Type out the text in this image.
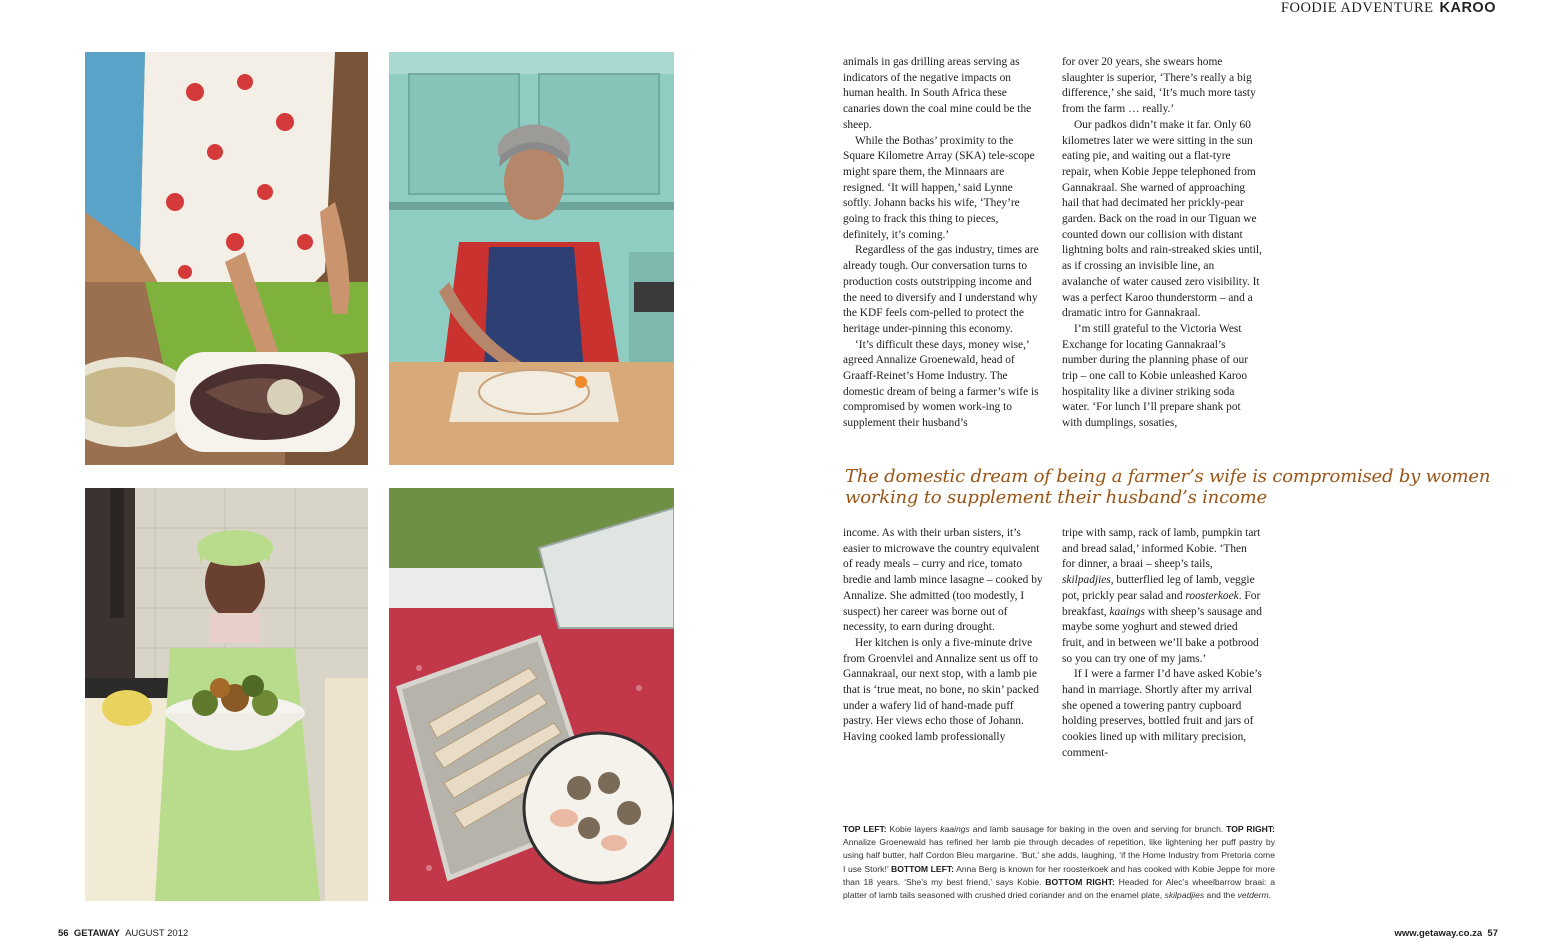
FOODIE ADVENTURE KAROO

animals in gas drilling areas serving as indicators of the negative impacts on human health. In South Africa these canaries down the coal mine could be the sheep.

While the Bothas’ proximity to the Square Kilometre Array (SKA) tele-scope might spare them, the Minnaars are resigned. ‘It will happen,’ said Lynne softly. Johann backs his wife, ‘They’re going to frack this thing to pieces, definitely, it’s coming.’

Regardless of the gas industry, times are already tough. Our conversation turns to production costs outstripping income and the need to diversify and I understand why the KDF feels com-pelled to protect the heritage under-pinning this economy.

‘It’s difficult these days, money wise,’ agreed Annalize Groenewald, head of Graaff-Reinet’s Home Industry. The domestic dream of being a farmer’s wife is compromised by women work-ing to supplement their husband’s

for over 20 years, she swears home slaughter is superior, ‘There’s really a big difference,’ she said, ‘It’s much more tasty from the farm … really.’

Our padkos didn’t make it far. Only 60 kilometres later we were sitting in the sun eating pie, and waiting out a flat-tyre repair, when Kobie Jeppe telephoned from Gannakraal. She warned of approaching hail that had decimated her prickly-pear garden. Back on the road in our Tiguan we counted down our collision with distant lightning bolts and rain-streaked skies until, as if crossing an invisible line, an avalanche of water caused zero visibility. It was a perfect Karoo thunderstorm – and a dramatic intro for Gannakraal.

I’m still grateful to the Victoria West Exchange for locating Gannakraal’s number during the planning phase of our trip – one call to Kobie unleashed Karoo hospitality like a diviner striking soda water. ‘For lunch I’ll prepare shank pot with dumplings, sosaties,

The domestic dream of being a farmer’s wife is compromised by women working to supplement their husband’s income

income. As with their urban sisters, it’s easier to microwave the country equivalent of ready meals – curry and rice, tomato bredie and lamb mince lasagne – cooked by Annalize. She admitted (too modestly, I suspect) her career was borne out of necessity, to earn during drought.

Her kitchen is only a five-minute drive from Groenvlei and Annalize sent us off to Gannakraal, our next stop, with a lamb pie that is ‘true meat, no bone, no skin’ packed under a wafery lid of hand-made puff pastry. Her views echo those of Johann. Having cooked lamb professionally

tripe with samp, rack of lamb, pumpkin tart and bread salad,’ informed Kobie. ‘Then for dinner, a braai – sheep’s tails, skilpadjies, butterflied leg of lamb, veggie pot, prickly pear salad and roosterkoek. For breakfast, kaaings with sheep’s sausage and maybe some yoghurt and stewed dried fruit, and in between we’ll bake a potbrood so you can try one of my jams.’

If I were a farmer I’d have asked Kobie’s hand in marriage. Shortly after my arrival she opened a towering pantry cupboard holding preserves, bottled fruit and jars of cookies lined up with military precision, comment-

TOP LEFT: Kobie layers kaaings and lamb sausage for baking in the oven and serving for brunch. TOP RIGHT: Annalize Groenewald has refined her lamb pie through decades of repetition, like lightening her puff pastry by using half butter, half Cordon Bleu margarine. ‘But,’ she adds, laughing, ‘if the Home Industry from Pretoria come I use Stork!’ BOTTOM LEFT: Anna Berg is known for her roosterkoek and has cooked with Kobie Jeppe for more than 18 years. ‘She’s my best friend,’ says Kobie. BOTTOM RIGHT: Headed for Alec’s wheelbarrow braai: a platter of lamb tails seasoned with crushed dried coriander and on the enamel plate, skilpadjies and the vetderm.
56 GETAWAY AUGUST 2012	www.getaway.co.za 57
